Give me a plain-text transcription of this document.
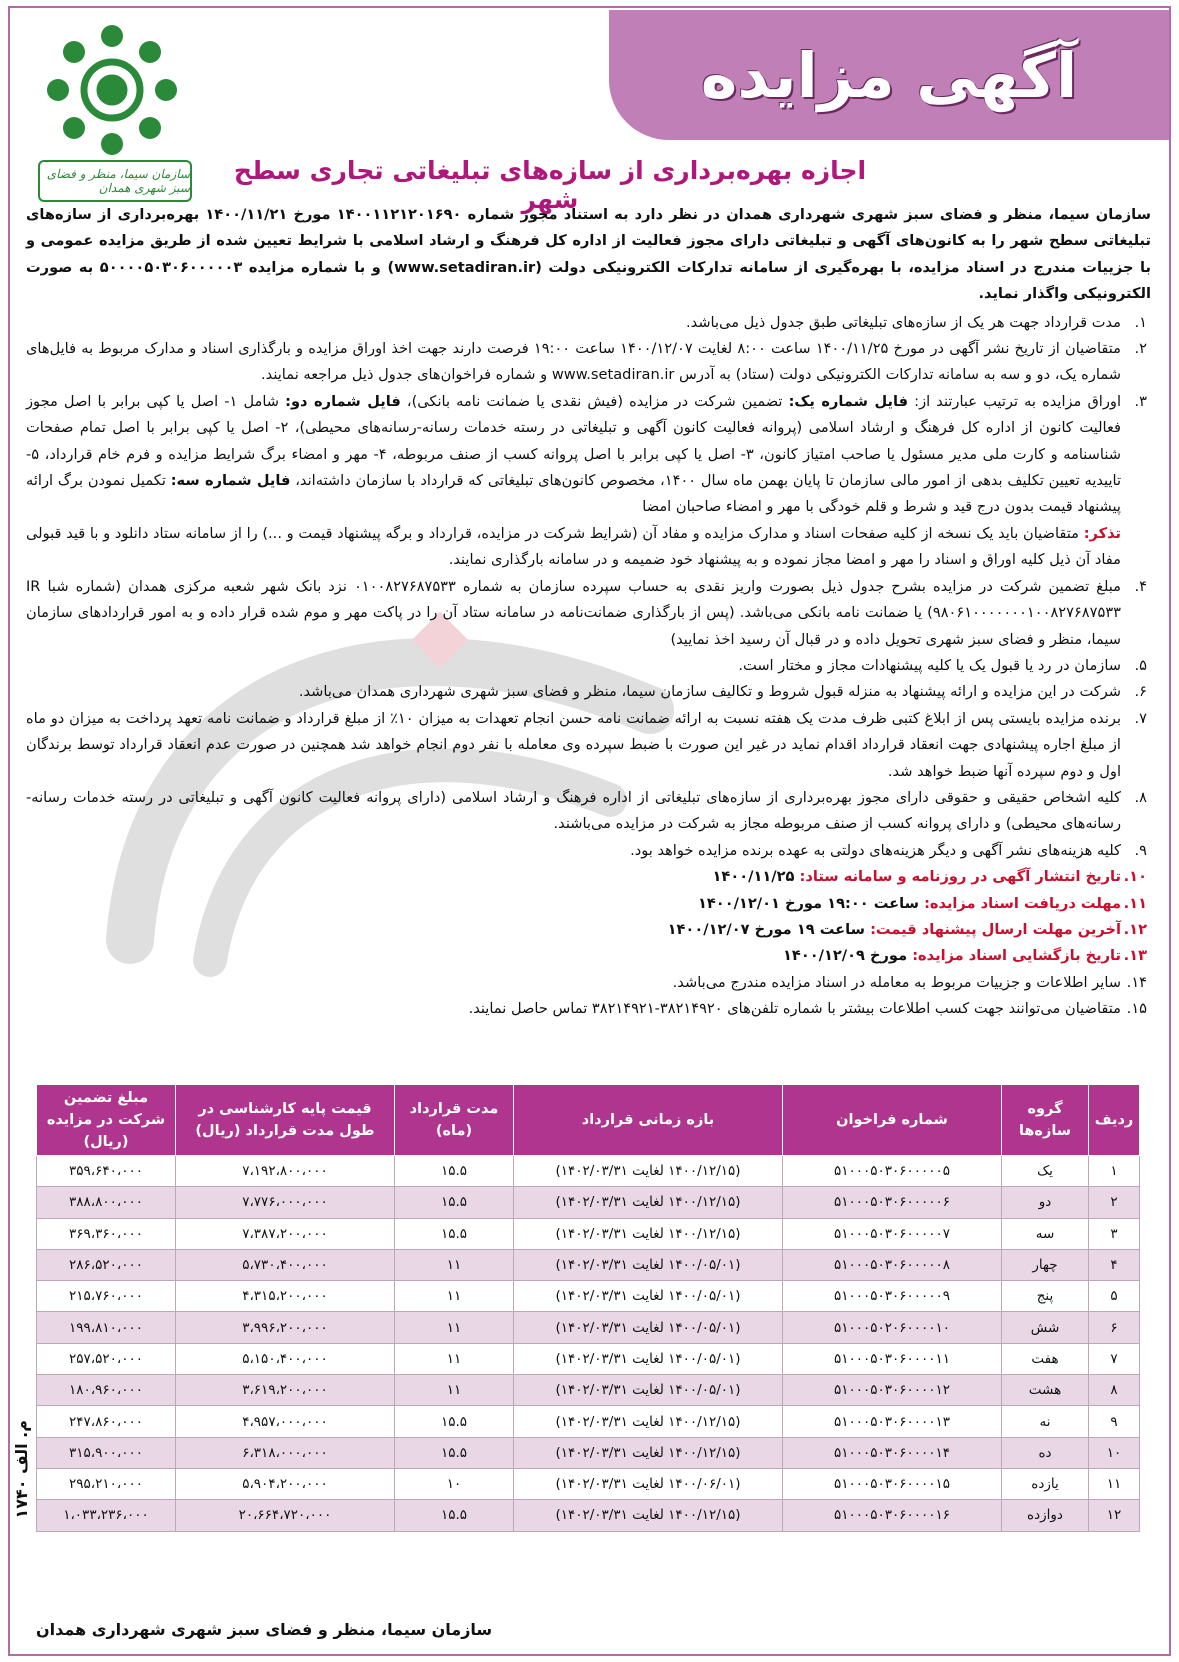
آگهی مزایده
سازمان سیما، منظر و فضای سبز شهری همدان
اجازه بهره‌برداری از سازه‌های تبلیغاتی تجاری سطح شهر

سازمان سیما، منظر و فضای سبز شهری شهرداری همدان در نظر دارد به استناد مجوز شماره ۱۴۰۰۱۱۲۱۲۰۱۶۹۰ مورخ ۱۴۰۰/۱۱/۲۱ بهره‌برداری از سازه‌های تبلیغاتی سطح شهر را به کانون‌های آگهی و تبلیغاتی دارای مجوز فعالیت از اداره کل فرهنگ و ارشاد اسلامی با شرایط تعیین شده از طریق مزایده عمومی و با جزییات مندرج در اسناد مزایده، با بهره‌گیری از سامانه تدارکات الکترونیکی دولت (www.setadiran.ir) و با شماره مزایده ۵۰۰۰۰۵۰۳۰۶۰۰۰۰۰۳ به صورت الکترونیکی واگذار نماید.

۱.
مدت قرارداد جهت هر یک از سازه‌های تبلیغاتی طبق جدول ذیل می‌باشد.
۲.
متقاضیان از تاریخ نشر آگهی در مورخ ۱۴۰۰/۱۱/۲۵ ساعت ۸:۰۰ لغایت ۱۴۰۰/۱۲/۰۷ ساعت ۱۹:۰۰ فرصت دارند جهت اخذ اوراق مزایده و بارگذاری اسناد و مدارک مربوط به فایل‌های شماره یک، دو و سه به سامانه تدارکات الکترونیکی دولت (ستاد) به آدرس www.setadiran.ir و شماره فراخوان‌های جدول ذیل مراجعه نمایند.
۳.
اوراق مزایده به ترتیب عبارتند از: فایل شماره یک: تضمین شرکت در مزایده (فیش نقدی یا ضمانت نامه بانکی)، فایل شماره دو: شامل ۱- اصل یا کپی برابر با اصل مجوز فعالیت کانون از اداره کل فرهنگ و ارشاد اسلامی (پروانه فعالیت کانون آگهی و تبلیغاتی در رسته خدمات رسانه-رسانه‌های محیطی)، ۲- اصل یا کپی برابر با اصل تمام صفحات شناسنامه و کارت ملی مدیر مسئول یا صاحب امتیاز کانون، ۳- اصل یا کپی برابر با اصل پروانه کسب از صنف مربوطه، ۴- مهر و امضاء برگ شرایط مزایده و فرم خام قرارداد، ۵- تاییدیه تعیین تکلیف بدهی از امور مالی سازمان تا پایان بهمن ماه سال ۱۴۰۰، مخصوص کانون‌های تبلیغاتی که قرارداد با سازمان داشته‌اند، فایل شماره سه: تکمیل نمودن برگ ارائه پیشنهاد قیمت بدون درج قید و شرط و قلم خودگی با مهر و امضاء صاحبان امضا
تذکر: متقاضیان باید یک نسخه از کلیه صفحات اسناد و مدارک مزایده و مفاد آن (شرایط شرکت در مزایده، قرارداد و برگه پیشنهاد قیمت و ...) را از سامانه ستاد دانلود و با قید قبولی مفاد آن ذیل کلیه اوراق و اسناد را مهر و امضا مجاز نموده و به پیشنهاد خود ضمیمه و در سامانه بارگذاری نمایند.
۴.
مبلغ تضمین شرکت در مزایده بشرح جدول ذیل بصورت واریز نقدی به حساب سپرده سازمان به شماره ۰۱۰۰۸۲۷۶۸۷۵۳۳ نزد بانک شهر شعبه مرکزی همدان (شماره شبا IR ۹۸۰۶۱۰۰۰۰۰۰۰۱۰۰۸۲۷۶۸۷۵۳۳) یا ضمانت نامه بانکی می‌باشد. (پس از بارگذاری ضمانت‌نامه در سامانه ستاد آن را در پاکت مهر و موم شده قرار داده و به امور قراردادهای سازمان سیما، منظر و فضای سبز شهری تحویل داده و در قبال آن رسید اخذ نمایید)
۵.
سازمان در رد یا قبول یک یا کلیه پیشنهادات مجاز و مختار است.
۶.
شرکت در این مزایده و ارائه پیشنهاد به منزله قبول شروط و تکالیف سازمان سیما، منظر و فضای سبز شهری شهرداری همدان می‌باشد.
۷.
برنده مزایده بایستی پس از ابلاغ کتبی ظرف مدت یک هفته نسبت به ارائه ضمانت نامه حسن انجام تعهدات به میزان ۱۰٪ از مبلغ قرارداد و ضمانت نامه تعهد پرداخت به میزان دو ماه از مبلغ اجاره پیشنهادی جهت انعقاد قرارداد اقدام نماید در غیر این صورت با ضبط سپرده وی معامله با نفر دوم انجام خواهد شد همچنین در صورت عدم انعقاد قرارداد توسط برندگان اول و دوم سپرده آنها ضبط خواهد شد.
۸.
کلیه اشخاص حقیقی و حقوقی دارای مجوز بهره‌برداری از سازه‌های تبلیغاتی از اداره فرهنگ و ارشاد اسلامی (دارای پروانه فعالیت کانون آگهی و تبلیغاتی در رسته خدمات رسانه- رسانه‌های محیطی) و دارای پروانه کسب از صنف مربوطه مجاز به شرکت در مزایده می‌باشند.
۹.
کلیه هزینه‌های نشر آگهی و دیگر هزینه‌های دولتی به عهده برنده مزایده خواهد بود.
۱۰.
تاریخ انتشار آگهی در روزنامه و سامانه ستاد: ۱۴۰۰/۱۱/۲۵
۱۱.
مهلت دریافت اسناد مزایده: ساعت ۱۹:۰۰ مورخ ۱۴۰۰/۱۲/۰۱
۱۲.
آخرین مهلت ارسال پیشنهاد قیمت: ساعت ۱۹ مورخ ۱۴۰۰/۱۲/۰۷
۱۳.
تاریخ بازگشایی اسناد مزایده: مورخ ۱۴۰۰/۱۲/۰۹
۱۴.
سایر اطلاعات و جزییات مربوط به معامله در اسناد مزایده مندرج می‌باشد.
۱۵.
متقاضیان می‌توانند جهت کسب اطلاعات بیشتر با شماره تلفن‌های ۳۸۲۱۴۹۲۰-۳۸۲۱۴۹۲۱ تماس حاصل نمایند.
ردیف	گروه سازه‌ها	شماره فراخوان	بازه زمانی قرارداد	مدت قرارداد (ماه)	قیمت پایه کارشناسی در طول مدت قرارداد (ریال)	مبلغ تضمین شرکت در مزایده (ریال)
۱	یک	۵۱۰۰۰۵۰۳۰۶۰۰۰۰۰۵	(۱۴۰۰/۱۲/۱۵ لغایت ۱۴۰۲/۰۳/۳۱)	۱۵.۵	۷،۱۹۲،۸۰۰،۰۰۰	۳۵۹،۶۴۰،۰۰۰
۲	دو	۵۱۰۰۰۵۰۳۰۶۰۰۰۰۰۶	(۱۴۰۰/۱۲/۱۵ لغایت ۱۴۰۲/۰۳/۳۱)	۱۵.۵	۷،۷۷۶،۰۰۰،۰۰۰	۳۸۸،۸۰۰،۰۰۰
۳	سه	۵۱۰۰۰۵۰۳۰۶۰۰۰۰۰۷	(۱۴۰۰/۱۲/۱۵ لغایت ۱۴۰۲/۰۳/۳۱)	۱۵.۵	۷،۳۸۷،۲۰۰،۰۰۰	۳۶۹،۳۶۰،۰۰۰
۴	چهار	۵۱۰۰۰۵۰۳۰۶۰۰۰۰۰۸	(۱۴۰۰/۰۵/۰۱ لغایت ۱۴۰۲/۰۳/۳۱)	۱۱	۵،۷۳۰،۴۰۰،۰۰۰	۲۸۶،۵۲۰،۰۰۰
۵	پنج	۵۱۰۰۰۵۰۳۰۶۰۰۰۰۰۹	(۱۴۰۰/۰۵/۰۱ لغایت ۱۴۰۲/۰۳/۳۱)	۱۱	۴،۳۱۵،۲۰۰،۰۰۰	۲۱۵،۷۶۰،۰۰۰
۶	شش	۵۱۰۰۰۵۰۲۰۶۰۰۰۰۱۰	(۱۴۰۰/۰۵/۰۱ لغایت ۱۴۰۲/۰۳/۳۱)	۱۱	۳،۹۹۶،۲۰۰،۰۰۰	۱۹۹،۸۱۰،۰۰۰
۷	هفت	۵۱۰۰۰۵۰۳۰۶۰۰۰۰۱۱	(۱۴۰۰/۰۵/۰۱ لغایت ۱۴۰۲/۰۳/۳۱)	۱۱	۵،۱۵۰،۴۰۰،۰۰۰	۲۵۷،۵۲۰،۰۰۰
۸	هشت	۵۱۰۰۰۵۰۳۰۶۰۰۰۰۱۲	(۱۴۰۰/۰۵/۰۱ لغایت ۱۴۰۲/۰۳/۳۱)	۱۱	۳،۶۱۹،۲۰۰،۰۰۰	۱۸۰،۹۶۰،۰۰۰
۹	نه	۵۱۰۰۰۵۰۳۰۶۰۰۰۰۱۳	(۱۴۰۰/۱۲/۱۵ لغایت ۱۴۰۲/۰۳/۳۱)	۱۵.۵	۴،۹۵۷،۰۰۰،۰۰۰	۲۴۷،۸۶۰،۰۰۰
۱۰	ده	۵۱۰۰۰۵۰۳۰۶۰۰۰۰۱۴	(۱۴۰۰/۱۲/۱۵ لغایت ۱۴۰۲/۰۳/۳۱)	۱۵.۵	۶،۳۱۸،۰۰۰،۰۰۰	۳۱۵،۹۰۰،۰۰۰
۱۱	یازده	۵۱۰۰۰۵۰۳۰۶۰۰۰۰۱۵	(۱۴۰۰/۰۶/۰۱ لغایت ۱۴۰۲/۰۳/۳۱)	۱۰	۵،۹۰۴،۲۰۰،۰۰۰	۲۹۵،۲۱۰،۰۰۰
۱۲	دوازده	۵۱۰۰۰۵۰۳۰۶۰۰۰۰۱۶	(۱۴۰۰/۱۲/۱۵ لغایت ۱۴۰۲/۰۳/۳۱)	۱۵.۵	۲۰،۶۶۴،۷۲۰،۰۰۰	۱،۰۳۳،۲۳۶،۰۰۰
م. الف ۱۷۴۰
سازمان سیما، منظر و فضای سبز شهری شهرداری همدان
